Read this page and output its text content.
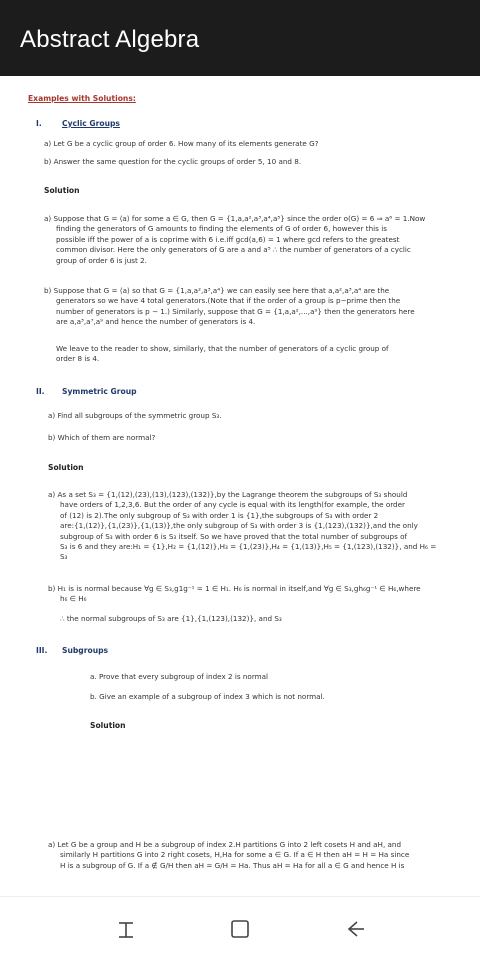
Abstract Algebra
Examples with Solutions:
I.	Cyclic Groups
a) Let G be a cyclic group of order 6. How many of its elements generate G?
b) Answer the same question for the cyclic groups of order 5, 10 and 8.
Solution
a) Suppose that G = ⟨a⟩ for some a ∈ G, then G = {1,a,a²,a³,a⁴,a⁵} since the order o(G) = 6 ⇒ a⁶ = 1.Now
finding the generators of G amounts to finding the elements of G of order 6, however this is
possible iff the power of a is coprime with 6 i.e.iff gcd(a,6) = 1 where gcd refers to the greatest
common divisor. Here the only generators of G are a and a⁵ ∴ the number of generators of a cyclic
group of order 6 is just 2.
b) Suppose that G = ⟨a⟩ so that G = {1,a,a²,a³,a⁴} we can easily see here that a,a²,a³,a⁴ are the
generators so we have 4 total generators.(Note that if the order of a group is p−prime then the
number of generators is p − 1.) Similarly, suppose that G = {1,a,a²,...,a⁹} then the generators here
are a,a³,a⁷,a⁹ and hence the number of generators is 4.
We leave to the reader to show, similarly, that the number of generators of a cyclic group of
order 8 is 4.
II. Symmetric Group
a) Find all subgroups of the symmetric group S₃.
b) Which of them are normal?
Solution
a) As a set S₃ = {1,(12),(23),(13),(123),(132)},by the Lagrange theorem the subgroups of S₃ should
have orders of 1,2,3,6. But the order of any cycle is equal with its length(for example, the order
of (12) is 2).The only subgroup of S₃ with order 1 is {1},the subgroups of S₃ with order 2
are:{1,(12)},{1,(23)},{1,(13)},the only subgroup of S₃ with order 3 is {1,(123),(132)},and the only
subgroup of S₃ with order 6 is S₃ itself. So we have proved that the total number of subgroups of
S₃ is 6 and they are:H₁ = {1},H₂ = {1,(12)},H₃ = {1,(23)},H₄ = {1,(13)},H₅ = {1,(123),(132)}, and H₆ =
S₃
b) H₁ is is normal because ∀g ∈ S₃,g1g⁻¹ = 1 ∈ H₁. H₆ is normal in itself,and ∀g ∈ S₃,gh₆g⁻¹ ∈ H₆,where
h₆ ∈ H₆
∴ the normal subgroups of S₃ are {1},{1,(123),(132)}, and S₃
III. Subgroups
a. Prove that every subgroup of index 2 is normal
b. Give an example of a subgroup of index 3 which is not normal.
Solution
a) Let G be a group and H be a subgroup of index 2.H partitions G into 2 left cosets H and aH, and
similarly H partitions G into 2 right cosets, H,Ha for some a ∈ G. If a ∈ H then aH = H = Ha since
H is a subgroup of G. If a ∉ G/H then aH = G/H = Ha. Thus aH = Ha for all a ∈ G and hence H is
